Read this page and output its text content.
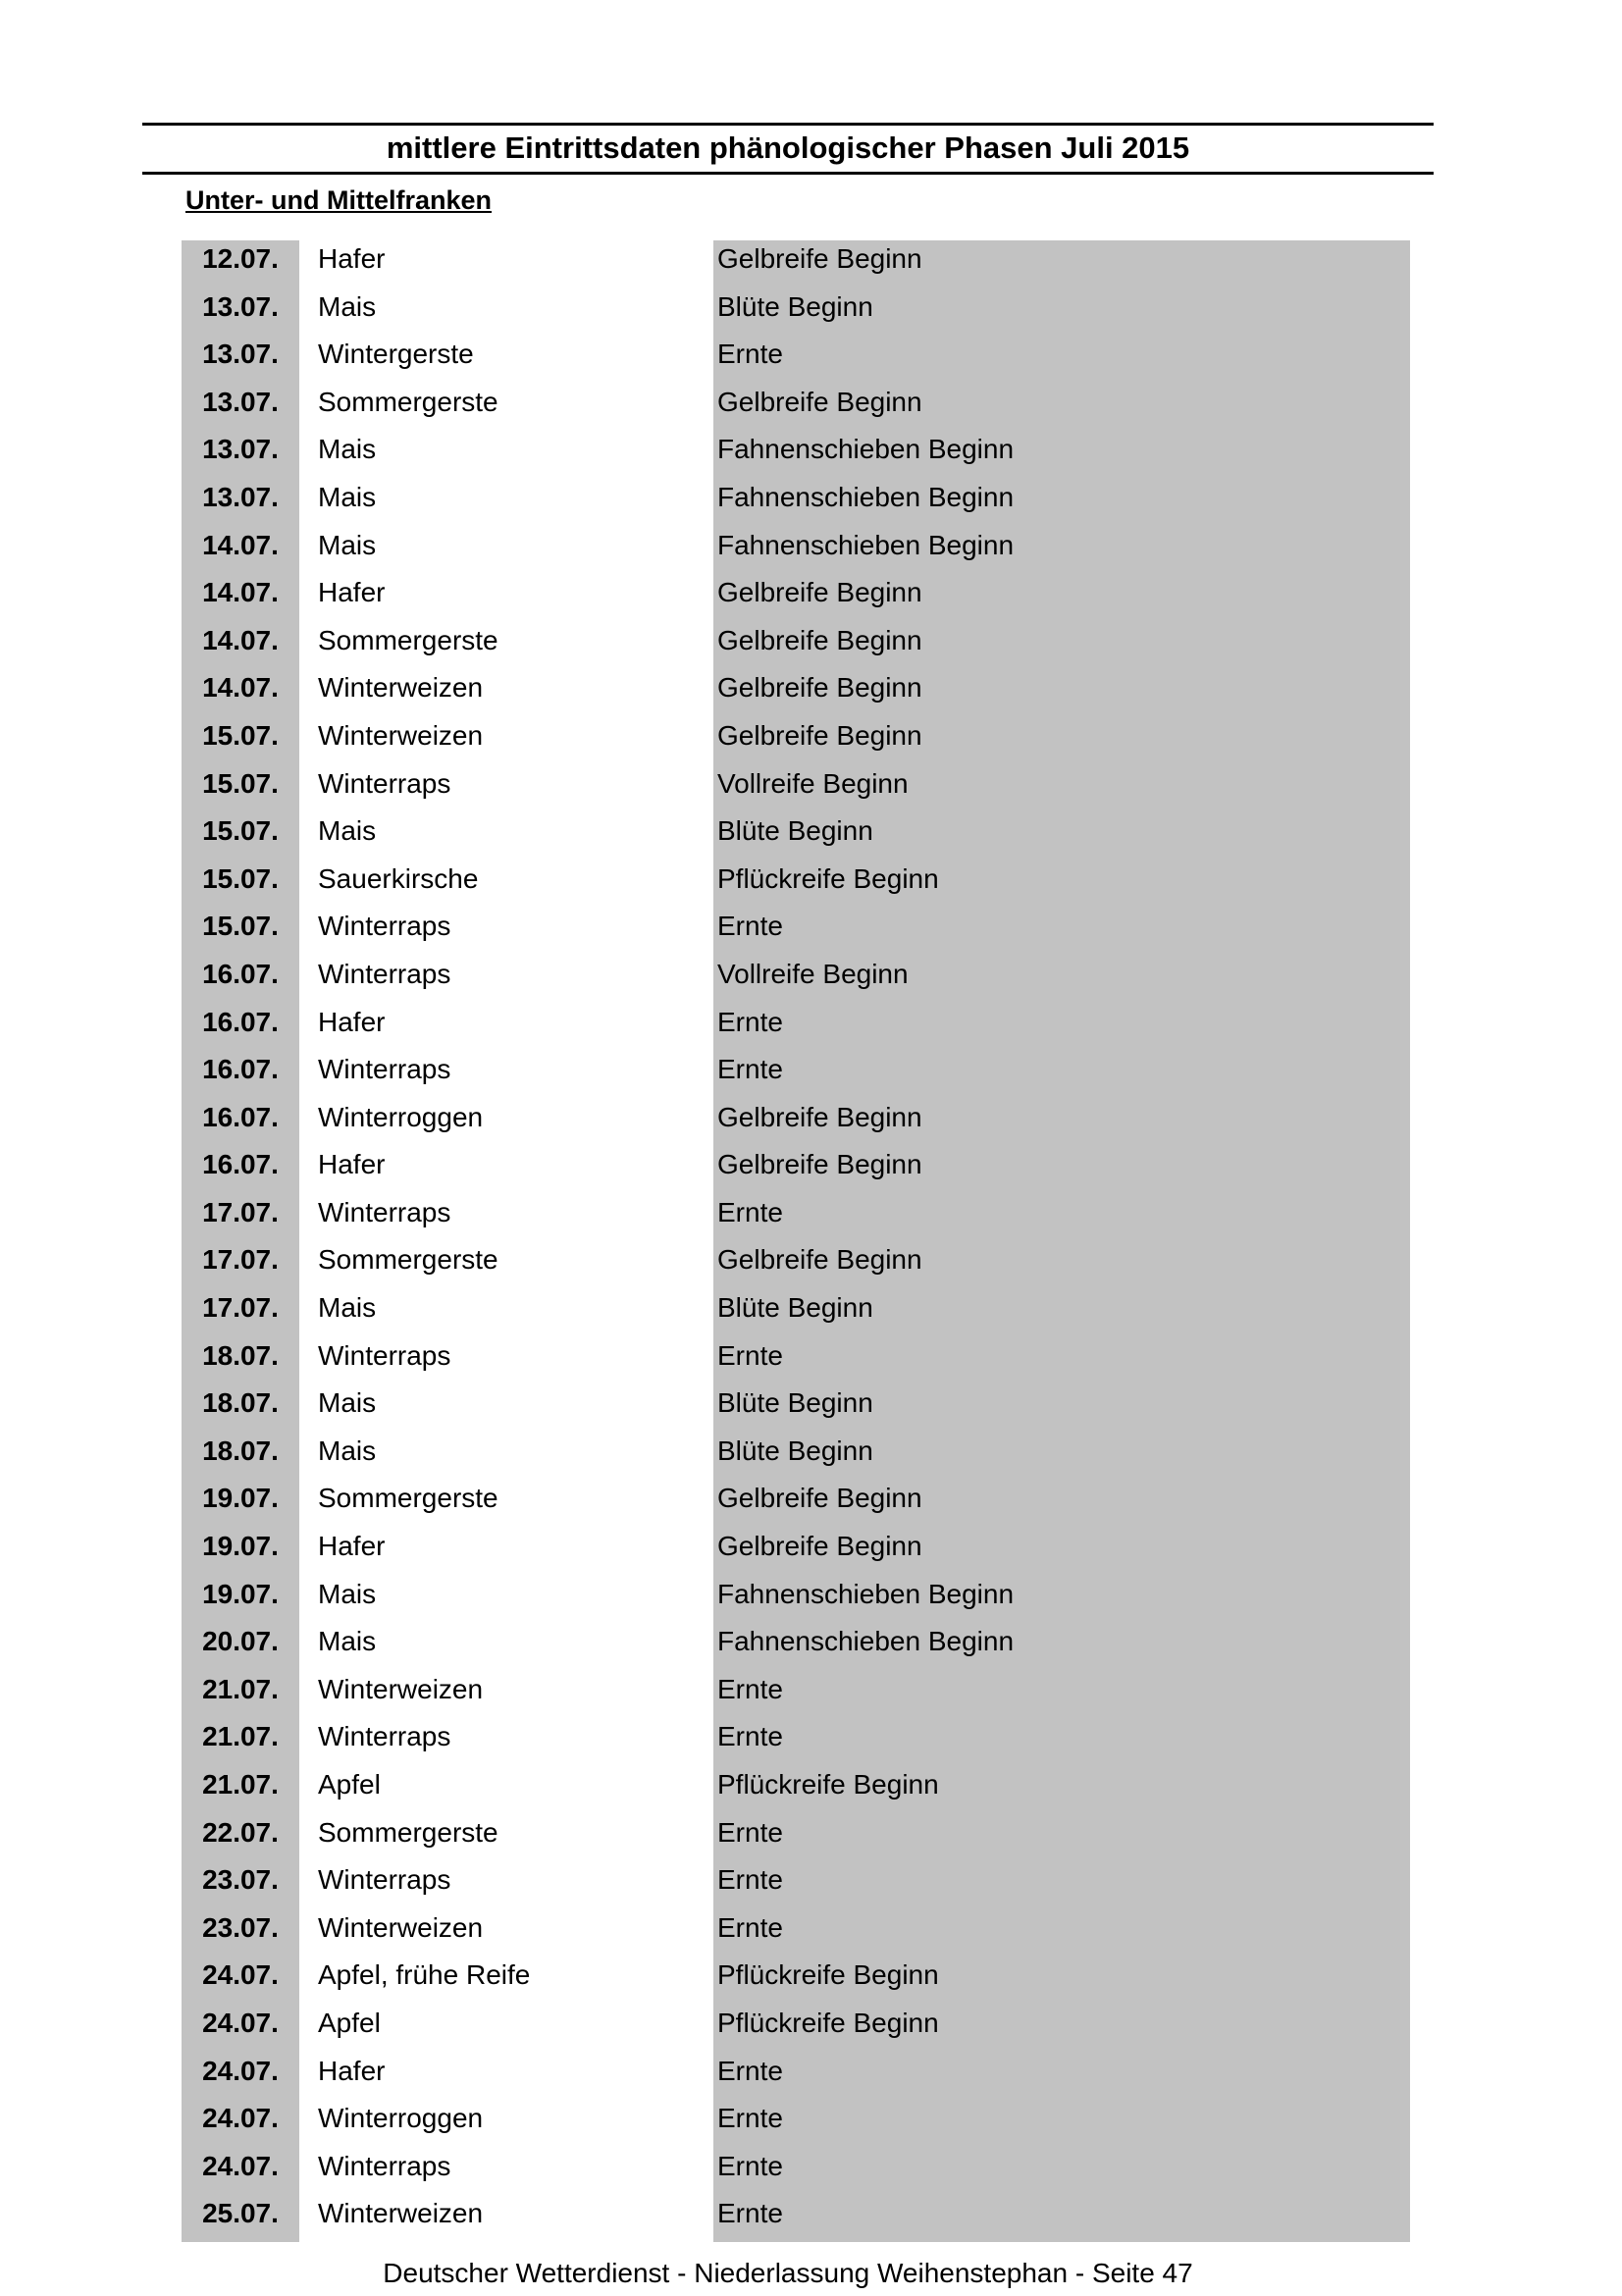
mittlere Eintrittsdaten phänologischer Phasen Juli 2015
Unter- und Mittelfranken
12.07.	Hafer	Gelbreife Beginn
13.07.	Mais	Blüte Beginn
13.07.	Wintergerste	Ernte
13.07.	Sommergerste	Gelbreife Beginn
13.07.	Mais	Fahnenschieben Beginn
13.07.	Mais	Fahnenschieben Beginn
14.07.	Mais	Fahnenschieben Beginn
14.07.	Hafer	Gelbreife Beginn
14.07.	Sommergerste	Gelbreife Beginn
14.07.	Winterweizen	Gelbreife Beginn
15.07.	Winterweizen	Gelbreife Beginn
15.07.	Winterraps	Vollreife Beginn
15.07.	Mais	Blüte Beginn
15.07.	Sauerkirsche	Pflückreife Beginn
15.07.	Winterraps	Ernte
16.07.	Winterraps	Vollreife Beginn
16.07.	Hafer	Ernte
16.07.	Winterraps	Ernte
16.07.	Winterroggen	Gelbreife Beginn
16.07.	Hafer	Gelbreife Beginn
17.07.	Winterraps	Ernte
17.07.	Sommergerste	Gelbreife Beginn
17.07.	Mais	Blüte Beginn
18.07.	Winterraps	Ernte
18.07.	Mais	Blüte Beginn
18.07.	Mais	Blüte Beginn
19.07.	Sommergerste	Gelbreife Beginn
19.07.	Hafer	Gelbreife Beginn
19.07.	Mais	Fahnenschieben Beginn
20.07.	Mais	Fahnenschieben Beginn
21.07.	Winterweizen	Ernte
21.07.	Winterraps	Ernte
21.07.	Apfel	Pflückreife Beginn
22.07.	Sommergerste	Ernte
23.07.	Winterraps	Ernte
23.07.	Winterweizen	Ernte
24.07.	Apfel, frühe Reife	Pflückreife Beginn
24.07.	Apfel	Pflückreife Beginn
24.07.	Hafer	Ernte
24.07.	Winterroggen	Ernte
24.07.	Winterraps	Ernte
25.07.	Winterweizen	Ernte

Deutscher Wetterdienst - Niederlassung Weihenstephan - Seite 47
